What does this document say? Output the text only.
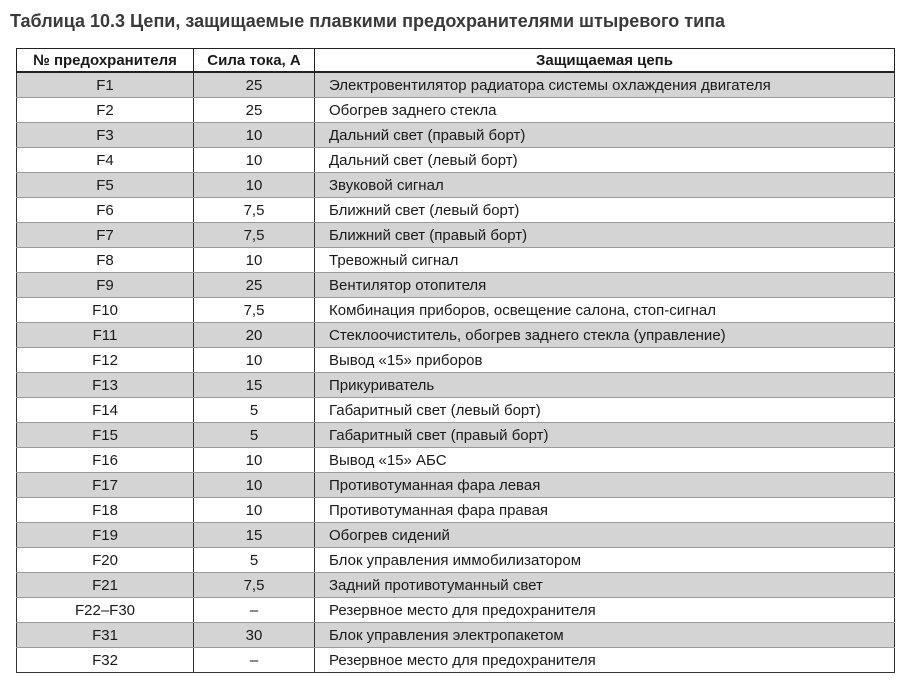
Таблица 10.3 Цепи, защищаемые плавкими предохранителями штыревого типа
№ предохранителя	Сила тока, А	Защищаемая цепь
F1	25	Электровентилятор радиатора системы охлаждения двигателя
F2	25	Обогрев заднего стекла
F3	10	Дальний свет (правый борт)
F4	10	Дальний свет (левый борт)
F5	10	Звуковой сигнал
F6	7,5	Ближний свет (левый борт)
F7	7,5	Ближний свет (правый борт)
F8	10	Тревожный сигнал
F9	25	Вентилятор отопителя
F10	7,5	Комбинация приборов, освещение салона, стоп-сигнал
F11	20	Стеклоочиститель, обогрев заднего стекла (управление)
F12	10	Вывод «15» приборов
F13	15	Прикуриватель
F14	5	Габаритный свет (левый борт)
F15	5	Габаритный свет (правый борт)
F16	10	Вывод «15» АБС
F17	10	Противотуманная фара левая
F18	10	Противотуманная фара правая
F19	15	Обогрев сидений
F20	5	Блок управления иммобилизатором
F21	7,5	Задний противотуманный свет
F22–F30	–	Резервное место для предохранителя
F31	30	Блок управления электропакетом
F32	–	Резервное место для предохранителя
